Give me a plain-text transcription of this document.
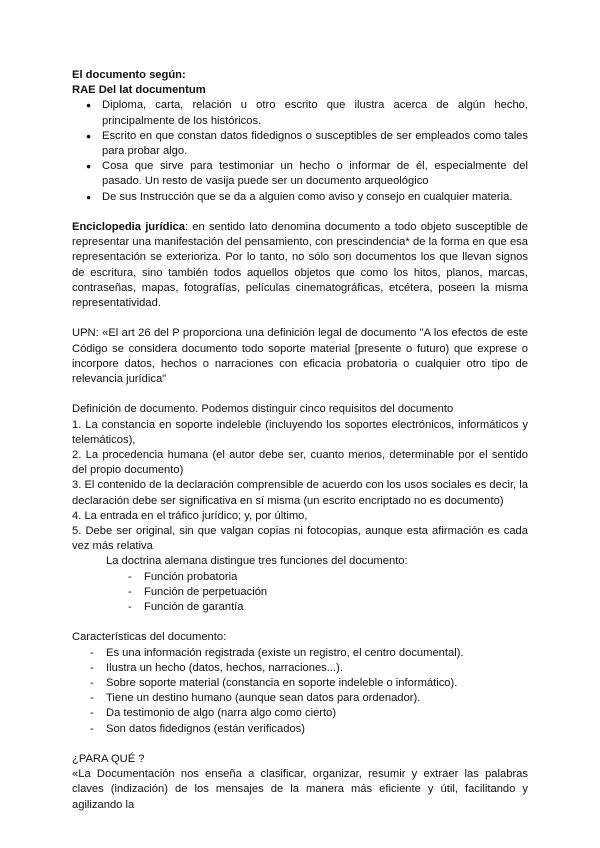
El documento según:

RAE Del lat documentum

● Diploma, carta, relación u otro escrito que ilustra acerca de algún hecho, principalmente de los históricos.
● Escrito en que constan datos fidedignos o susceptibles de ser empleados como tales para probar algo.
● Cosa que sirve para testimoniar un hecho o informar de él, especialmente del pasado. Un resto de vasija puede ser un documento arqueológico
● De sus Instrucción que se da a alguien como aviso y consejo en cualquier materia.

Enciclopedia jurídica: en sentido lato denomina documento a todo objeto susceptible de representar una manifestación del pensamiento, con prescindencia* de la forma en que esa representación se exterioriza. Por lo tanto, no sólo son documentos los que llevan signos de escritura, sino también todos aquellos objetos que como los hitos, planos, marcas, contraseñas, mapas, fotografías, películas cinematográficas, etcétera, poseen la misma representatividad.

UPN: «El art 26 del P proporciona una definición legal de documento "A los efectos de este Código se considera documento todo soporte material [presente o futuro) que exprese o incorpore datos, hechos o narraciones con eficacia probatoria o cualquier otro tipo de relevancia jurídica"

Definición de documento. Podemos distinguir cinco requisitos del documento

1. La constancia en soporte indeleble (incluyendo los soportes electrónicos, informáticos y telemáticos),

2. La procedencia humana (el autor debe ser, cuanto menos, determinable por el sentido del propio documento)

3. El contenido de la declaración comprensible de acuerdo con los usos sociales es decir, la declaración debe ser significativa en sí misma (un escrito encriptado no es documento)

4. La entrada en el tráfico jurídico; y, por último,

5. Debe ser original, sin que valgan copias ni fotocopias, aunque esta afirmación es cada vez más relativa

La doctrina alemana distingue tres funciones del documento:

- Función probatoria
- Función de perpetuación
- Función de garantía

Características del documento:

- Es una información registrada (existe un registro, el centro documental).
- Ilustra un hecho (datos, hechos, narraciones...).
- Sobre soporte material (constancia en soporte indeleble o informático).
- Tiene un destino humano (aunque sean datos para ordenador).
- Da testimonio de algo (narra algo como cierto)
- Son datos fidedignos (están verificados)

¿PARA QUÉ ?

«La Documentación nos enseña a clasificar, organizar, resumir y extraer las palabras claves (indización) de los mensajes de la manera más eficiente y útil, facilitando y agilizando la
